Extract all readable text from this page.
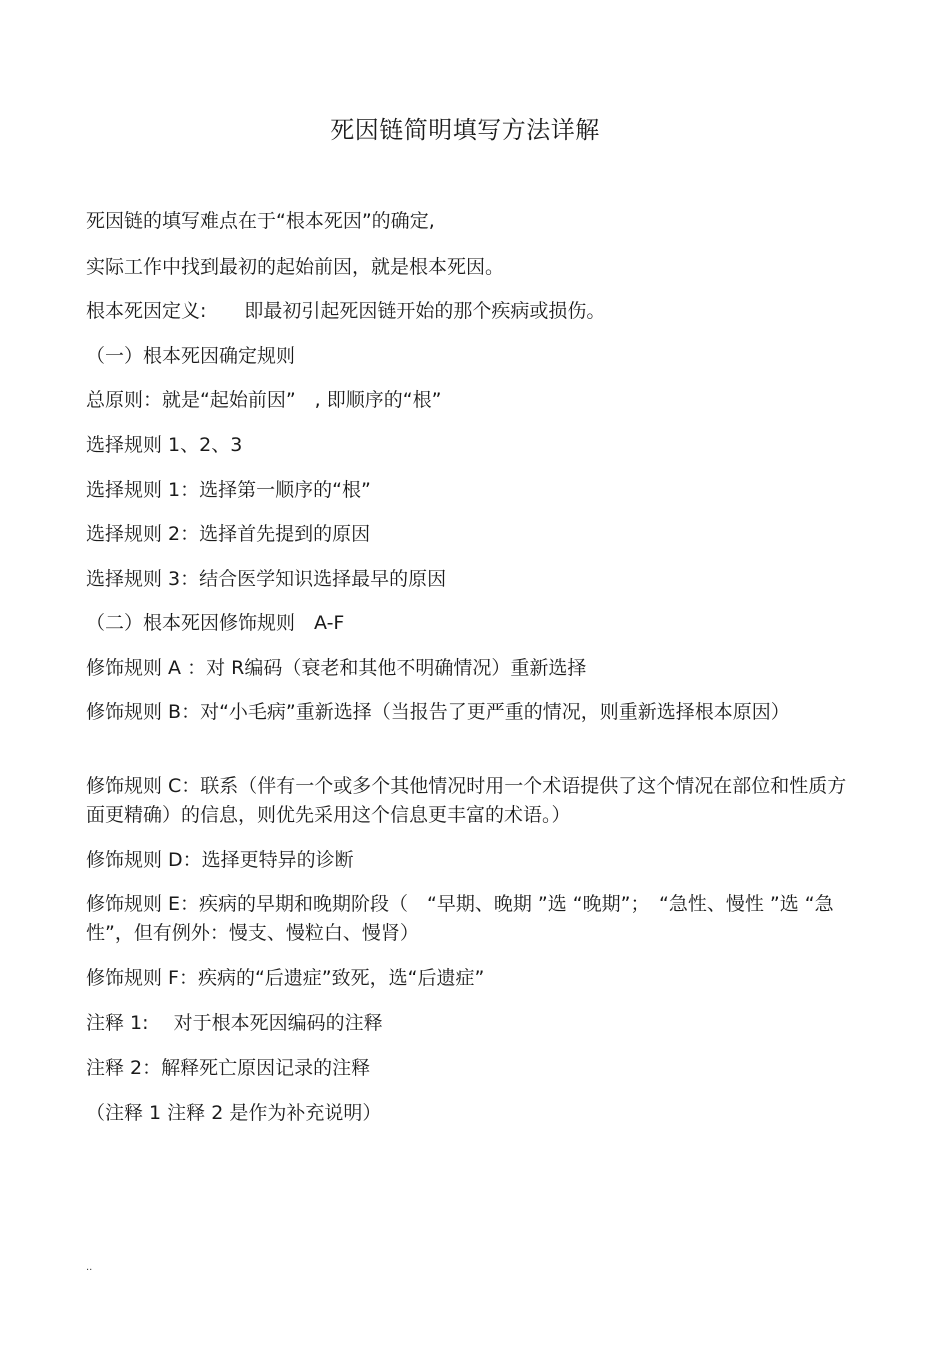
死因链简明填写方法详解
死因链的填写难点在于“根本死因”的确定,
实际工作中找到最初的起始前因，就是根本死因。
根本死因定义:　　即最初引起死因链开始的那个疾病或损伤。
（一）根本死因确定规则
总原则：就是“起始前因”　, 即顺序的“根”
选择规则 1、2、3
选择规则 1：选择第一顺序的“根”
选择规则 2：选择首先提到的原因
选择规则 3：结合医学知识选择最早的原因
（二）根本死因修饰规则　A-F
修饰规则 A ：对 R编码（衰老和其他不明确情况）重新选择
修饰规则 B：对“小毛病”重新选择（当报告了更严重的情况，则重新选择根本原因）
修饰规则 C：联系（伴有一个或多个其他情况时用一个术语提供了这个情况在部位和性质方面更精确）的信息，则优先采用这个信息更丰富的术语。）
修饰规则 D：选择更特异的诊断
修饰规则 E：疾病的早期和晚期阶段（　“早期、晚期 ”选 “晚期”；　“急性、慢性 ”选 “急性”，但有例外：慢支、慢粒白、慢肾）
修饰规则 F：疾病的“后遗症”致死，选“后遗症”
注释 1:　 对于根本死因编码的注释
注释 2：解释死亡原因记录的注释
（注释 1 注释 2 是作为补充说明）
..
